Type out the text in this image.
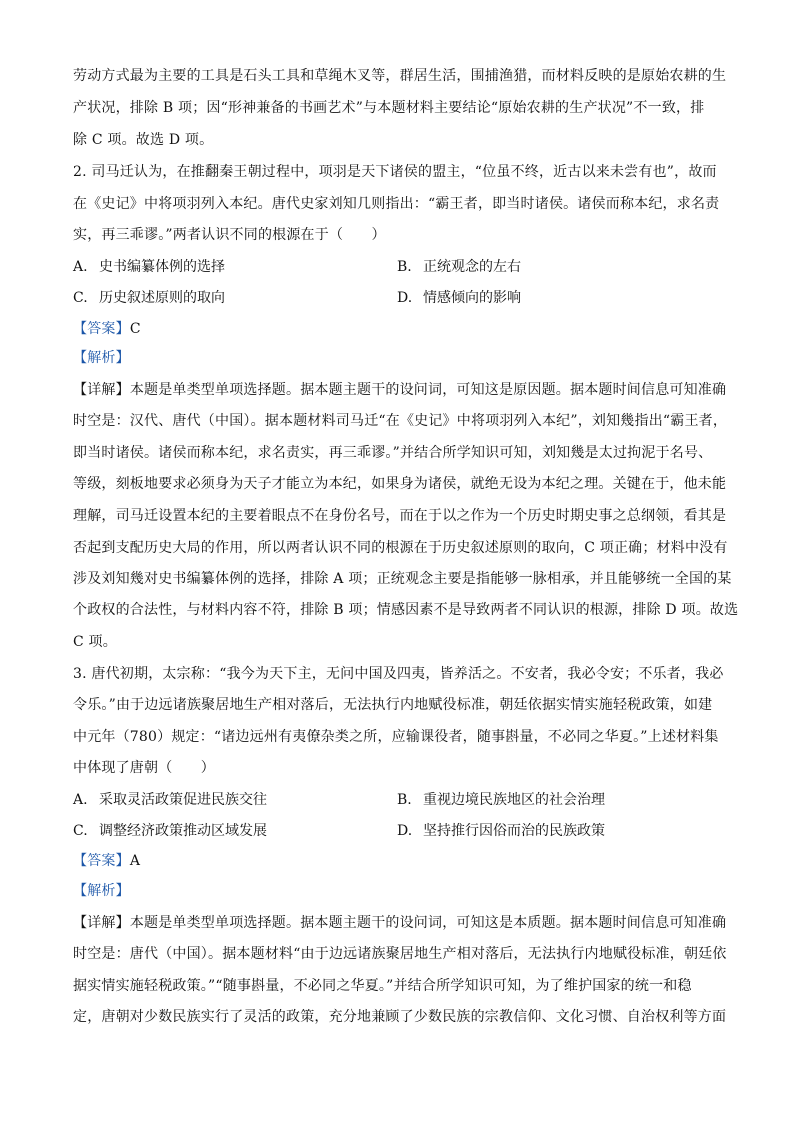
劳动方式最为主要的工具是石头工具和草绳木叉等，群居生活，围捕渔猎，而材料反映的是原始农耕的生

产状况，排除 B 项；因“形神兼备的书画艺术”与本题材料主要结论“原始农耕的生产状况”不一致，排

除 C 项。故选 D 项。

2. 司马迁认为，在推翻秦王朝过程中，项羽是天下诸侯的盟主，“位虽不终，近古以来未尝有也”，故而

在《史记》中将项羽列入本纪。唐代史家刘知几则指出：“霸王者，即当时诸侯。诸侯而称本纪，求名责

实，再三乖谬。”两者认识不同的根源在于（　　）

A. 史书编纂体例的选择	B. 正统观念的左右

C. 历史叙述原则的取向	D. 情感倾向的影响

【答案】C

【解析】

【详解】本题是单类型单项选择题。据本题主题干的设问词，可知这是原因题。据本题时间信息可知准确

时空是：汉代、唐代（中国）。据本题材料司马迁“在《史记》中将项羽列入本纪”，刘知幾指出“霸王者，

即当时诸侯。诸侯而称本纪，求名责实，再三乖谬。”并结合所学知识可知，刘知幾是太过拘泥于名号、

等级，刻板地要求必须身为天子才能立为本纪，如果身为诸侯，就绝无设为本纪之理。关键在于，他未能

理解，司马迁设置本纪的主要着眼点不在身份名号，而在于以之作为一个历史时期史事之总纲领，看其是

否起到支配历史大局的作用，所以两者认识不同的根源在于历史叙述原则的取向，C 项正确；材料中没有

涉及刘知幾对史书编纂体例的选择，排除 A 项；正统观念主要是指能够一脉相承，并且能够统一全国的某

个政权的合法性，与材料内容不符，排除 B 项；情感因素不是导致两者不同认识的根源，排除 D 项。故选

C 项。

3. 唐代初期，太宗称：“我今为天下主，无问中国及四夷，皆养活之。不安者，我必令安；不乐者，我必

令乐。”由于边远诸族聚居地生产相对落后，无法执行内地赋役标准，朝廷依据实情实施轻税政策，如建

中元年（780）规定：“诸边远州有夷僚杂类之所，应输课役者，随事斟量，不必同之华夏。”上述材料集

中体现了唐朝（　　）

A. 采取灵活政策促进民族交往	B. 重视边境民族地区的社会治理

C. 调整经济政策推动区域发展	D. 坚持推行因俗而治的民族政策

【答案】A

【解析】

【详解】本题是单类型单项选择题。据本题主题干的设问词，可知这是本质题。据本题时间信息可知准确

时空是：唐代（中国）。据本题材料“由于边远诸族聚居地生产相对落后，无法执行内地赋役标准，朝廷依

据实情实施轻税政策。”“随事斟量，不必同之华夏。”并结合所学知识可知，为了维护国家的统一和稳

定，唐朝对少数民族实行了灵活的政策，充分地兼顾了少数民族的宗教信仰、文化习惯、自治权利等方面
